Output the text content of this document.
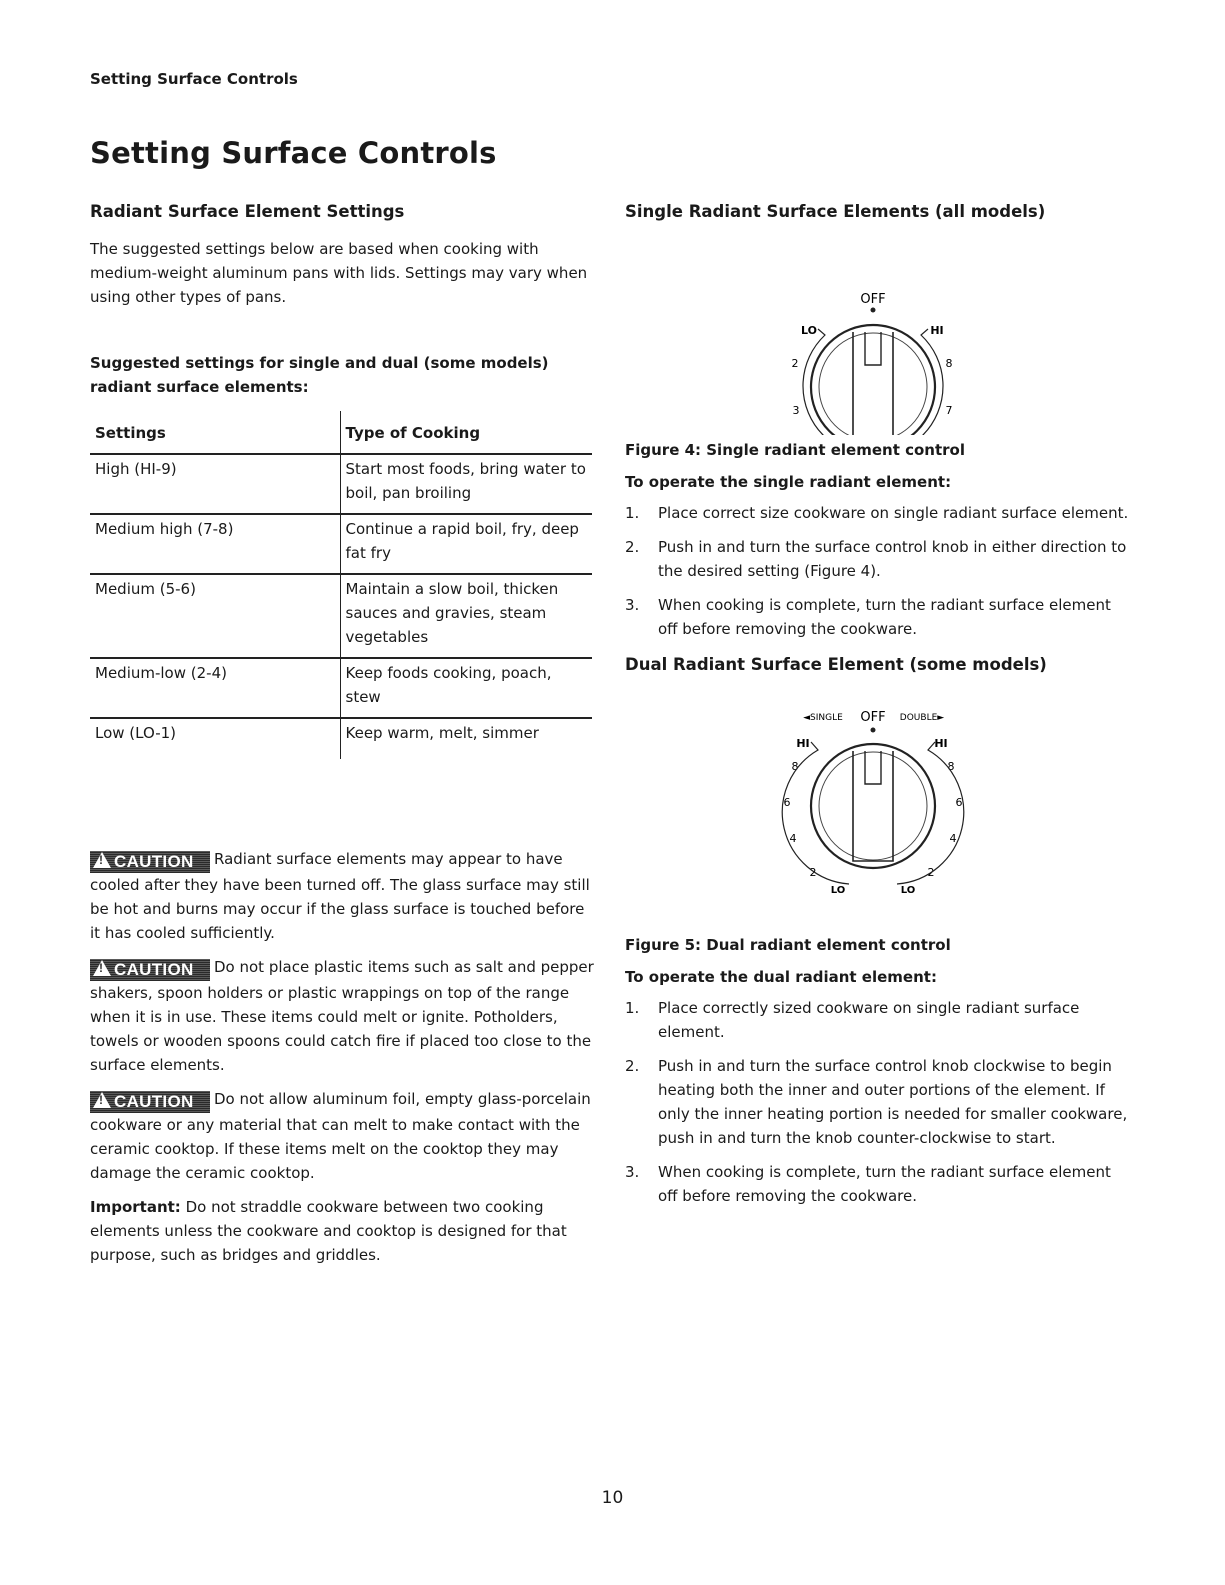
Setting Surface Controls
Setting Surface Controls
Radiant Surface Element Settings

The suggested settings below are based when cooking with medium-weight aluminum pans with lids. Settings may vary when using other types of pans.

Suggested settings for single and dual (some models) radiant surface elements:

Settings	Type of Cooking
High (HI-9)	Start most foods, bring water to boil, pan broiling
Medium high (7-8)	Continue a rapid boil, fry, deep fat fry
Medium (5-6)	Maintain a slow boil, thicken sauces and gravies, steam vegetables
Medium-low (2-4)	Keep foods cooking, poach, stew
Low (LO-1)	Keep warm, melt, simmer

!CAUTION Radiant surface elements may appear to have cooled after they have been turned off. The glass surface may still be hot and burns may occur if the glass surface is touched before it has cooled sufficiently.

!CAUTION Do not place plastic items such as salt and pepper shakers, spoon holders or plastic wrappings on top of the range when it is in use. These items could melt or ignite. Potholders, towels or wooden spoons could catch fire if placed too close to the surface elements.

!CAUTION Do not allow aluminum foil, empty glass-porcelain cookware or any material that can melt to make contact with the ceramic cooktop. If these items melt on the cooktop they may damage the ceramic cooktop.

Important: Do not straddle cookware between two cooking elements unless the cookware and cooktop is designed for that purpose, such as bridges and griddles.

Single Radiant Surface Elements (all models)
OFF
LO	HI
2	8
3	7
Figure 4: Single radiant element control
To operate the single radiant element:
1. Place correct size cookware on single radiant surface element.
2. Push in and turn the surface control knob in either direction to the desired setting (Figure 4).
3. When cooking is complete, turn the radiant surface element off before removing the cookware.
Dual Radiant Surface Element (some models)
◄SINGLE OFF DOUBLE►
HI	HI
8	8
6	6
4	4
2	2
LO	LO
Figure 5: Dual radiant element control
To operate the dual radiant element:
1. Place correctly sized cookware on single radiant surface element.
2. Push in and turn the surface control knob clockwise to begin heating both the inner and outer portions of the element. If only the inner heating portion is needed for smaller cookware, push in and turn the knob counter-clockwise to start.
3. When cooking is complete, turn the radiant surface element off before removing the cookware.
10
